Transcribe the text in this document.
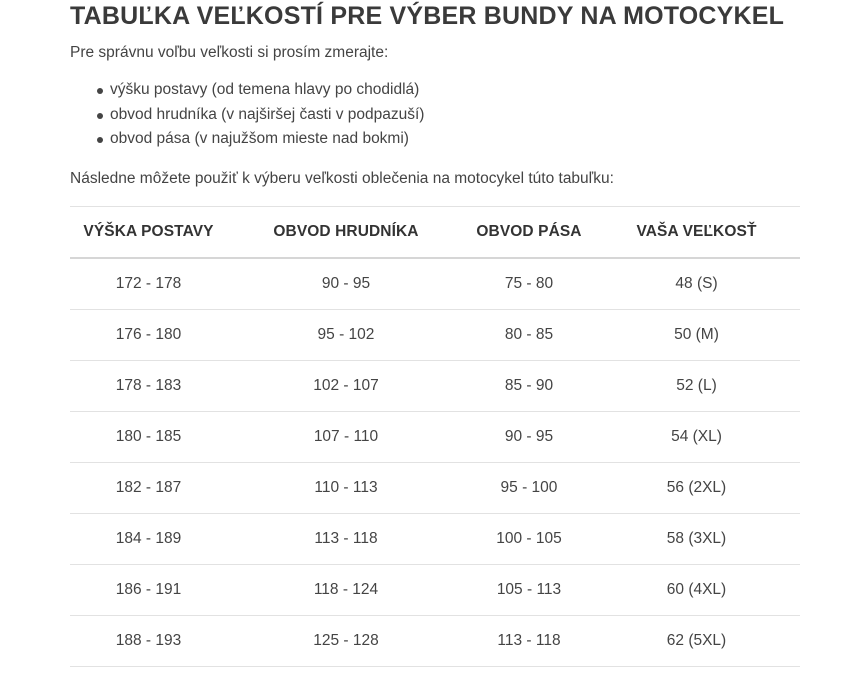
TABUĽKA VEĽKOSTÍ PRE VÝBER BUNDY NA MOTOCYKEL

Pre správnu voľbu veľkosti si prosím zmerajte:

výšku postavy (od temena hlavy po chodidlá)
obvod hrudníka (v najširšej časti v podpazuší)
obvod pása (v najužšom mieste nad bokmi)

Následne môžete použiť k výberu veľkosti oblečenia na motocykel túto tabuľku:

VÝŠKA POSTAVY	OBVOD HRUDNÍKA	OBVOD PÁSA	VAŠA VEĽKOSŤ
172 - 178	90 - 95	75 - 80	48 (S)
176 - 180	95 - 102	80 - 85	50 (M)
178 - 183	102 - 107	85 - 90	52 (L)
180 - 185	107 - 110	90 - 95	54 (XL)
182 - 187	110 - 113	95 - 100	56 (2XL)
184 - 189	113 - 118	100 - 105	58 (3XL)
186 - 191	118 - 124	105 - 113	60 (4XL)
188 - 193	125 - 128	113 - 118	62 (5XL)
